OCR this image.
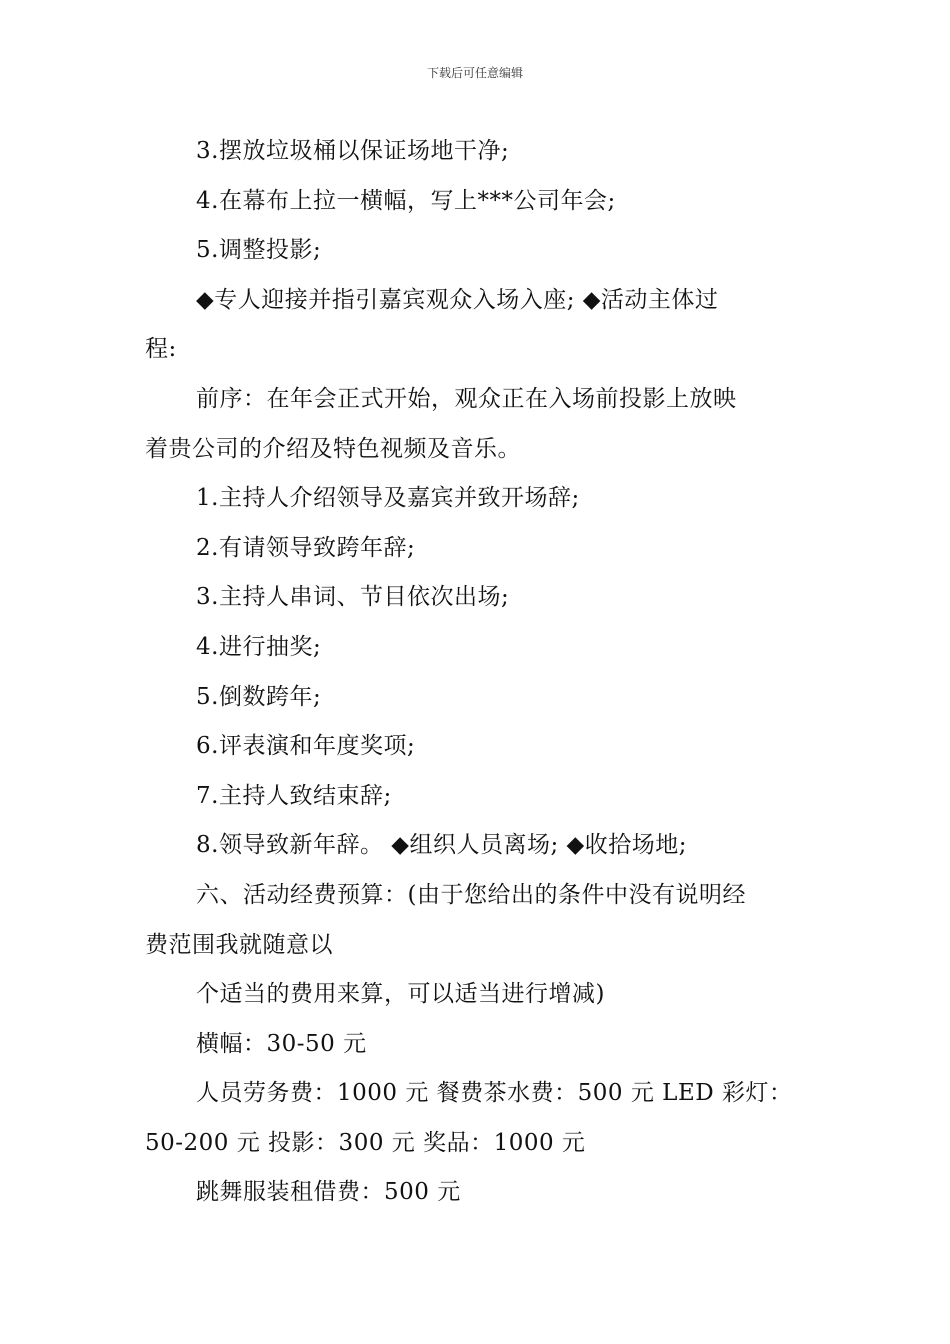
下载后可任意编辑
3.摆放垃圾桶以保证场地干净;
4.在幕布上拉一横幅，写上***公司年会;
5.调整投影;
◆专人迎接并指引嘉宾观众入场入座; ◆活动主体过
程:
前序：在年会正式开始，观众正在入场前投影上放映
着贵公司的介绍及特色视频及音乐。
1.主持人介绍领导及嘉宾并致开场辞;
2.有请领导致跨年辞;
3.主持人串词、节目依次出场;
4.进行抽奖;
5.倒数跨年;
6.评表演和年度奖项;
7.主持人致结束辞;
8.领导致新年辞。 ◆组织人员离场; ◆收拾场地;
六、活动经费预算：(由于您给出的条件中没有说明经
费范围我就随意以
个适当的费用来算，可以适当进行增减)
横幅：30-50 元
人员劳务费：1000 元 餐费茶水费：500 元 LED 彩灯：
50-200 元 投影：300 元 奖品：1000 元
跳舞服装租借费：500 元
